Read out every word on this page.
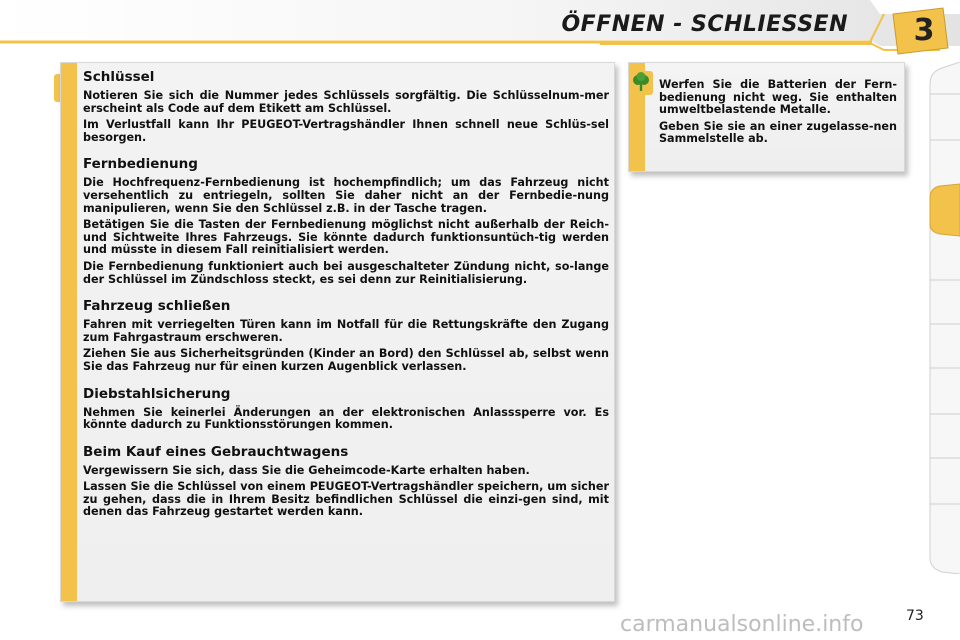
ÖFFNEN - SCHLIESSEN 3
Schlüssel

Notieren Sie sich die Nummer jedes Schlüssels sorgfältig. Die Schlüsselnum-mer erscheint als Code auf dem Etikett am Schlüssel.

Im Verlustfall kann Ihr PEUGEOT-Vertragshändler Ihnen schnell neue Schlüs-sel besorgen.

Fernbedienung

Die Hochfrequenz-Fernbedienung ist hochempfindlich; um das Fahrzeug nicht versehentlich zu entriegeln, sollten Sie daher nicht an der Fernbedie-nung manipulieren, wenn Sie den Schlüssel z.B. in der Tasche tragen.

Betätigen Sie die Tasten der Fernbedienung möglichst nicht außerhalb der Reich- und Sichtweite Ihres Fahrzeugs. Sie könnte dadurch funktionsuntüch-tig werden und müsste in diesem Fall reinitialisiert werden.

Die Fernbedienung funktioniert auch bei ausgeschalteter Zündung nicht, so-lange der Schlüssel im Zündschloss steckt, es sei denn zur Reinitialisierung.

Fahrzeug schließen

Fahren mit verriegelten Türen kann im Notfall für die Rettungskräfte den Zugang zum Fahrgastraum erschweren.

Ziehen Sie aus Sicherheitsgründen (Kinder an Bord) den Schlüssel ab, selbst wenn Sie das Fahrzeug nur für einen kurzen Augenblick verlassen.

Diebstahlsicherung

Nehmen Sie keinerlei Änderungen an der elektronischen Anlasssperre vor. Es könnte dadurch zu Funktionsstörungen kommen.

Beim Kauf eines Gebrauchtwagens

Vergewissern Sie sich, dass Sie die Geheimcode-Karte erhalten haben.

Lassen Sie die Schlüssel von einem PEUGEOT-Vertragshändler speichern, um sicher zu gehen, dass die in Ihrem Besitz befindlichen Schlüssel die einzi-gen sind, mit denen das Fahrzeug gestartet werden kann.

Werfen Sie die Batterien der Fern-bedienung nicht weg. Sie enthalten umweltbelastende Metalle.

Geben Sie sie an einer zugelasse-nen Sammelstelle ab.

carmanualsonline.info	73
